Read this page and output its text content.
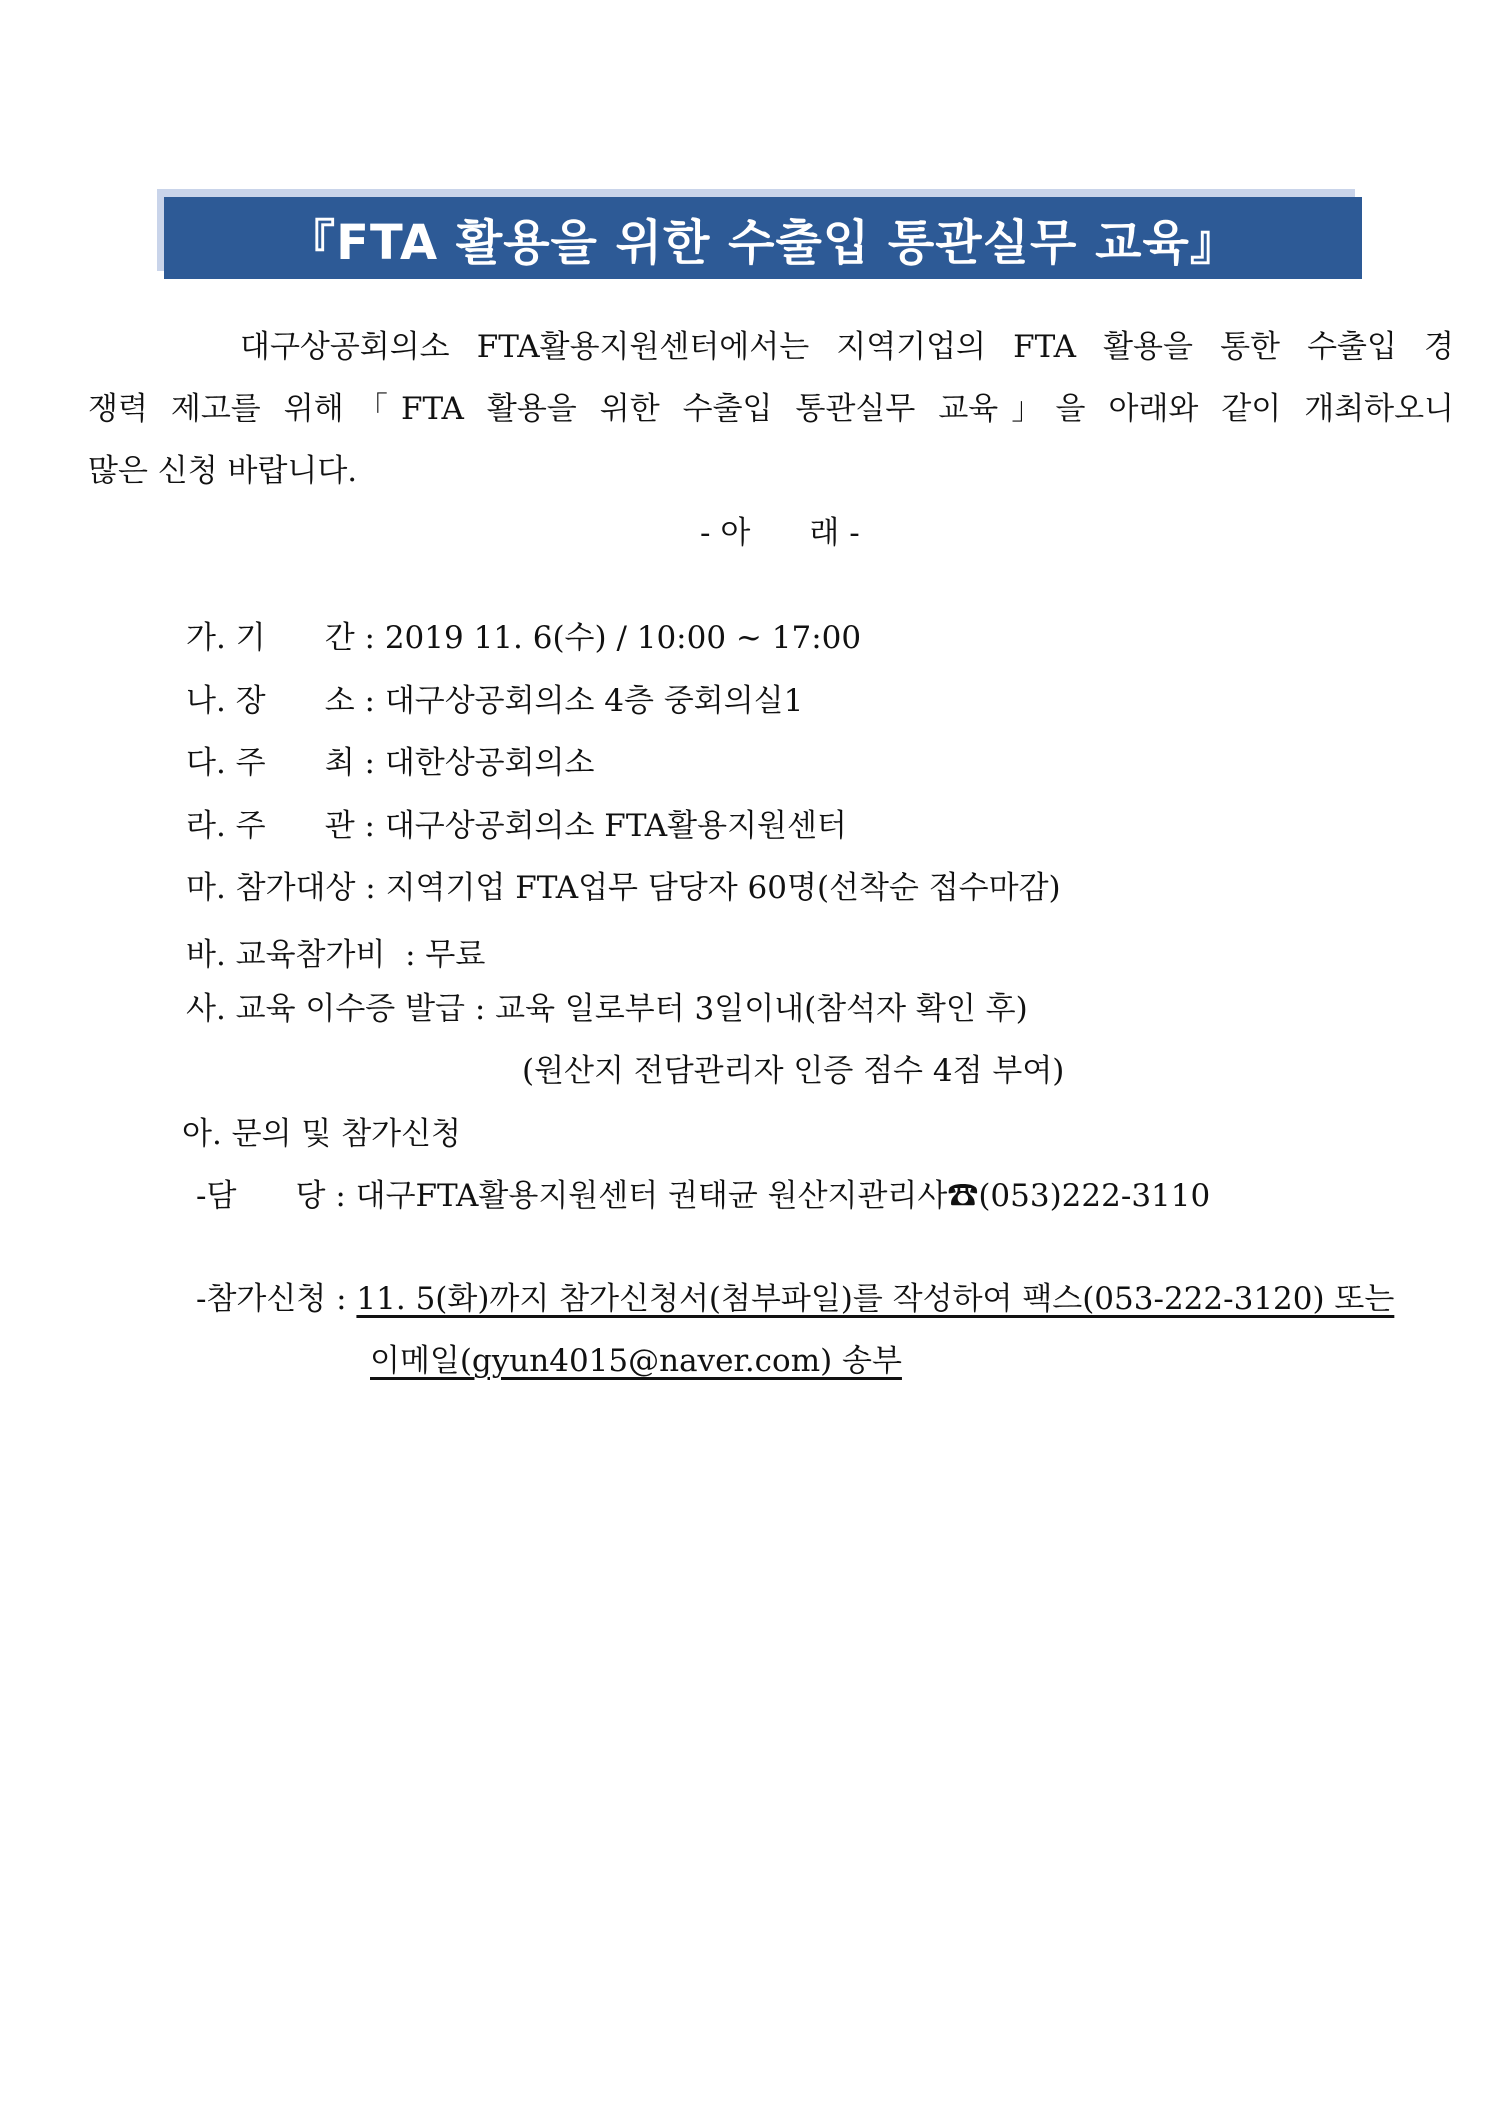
『FTA 활용을 위한 수출입 통관실무 교육』
대구상공회의소 FTA활용지원센터에서는 지역기업의 FTA 활용을 통한 수출입 경
쟁력 제고를 위해「FTA 활용을 위한 수출입 통관실무 교육」을 아래와 같이 개최하오니
많은 신청 바랍니다.
- 아      래 -
가. 기      간 : 2019 11. 6(수) / 10:00 ~ 17:00
나. 장      소 : 대구상공회의소 4층 중회의실1
다. 주      최 : 대한상공회의소
라. 주      관 : 대구상공회의소 FTA활용지원센터
마. 참가대상 : 지역기업 FTA업무 담당자 60명(선착순 접수마감)
바. 교육참가비  : 무료
사. 교육 이수증 발급 : 교육 일로부터 3일이내(참석자 확인 후)
(원산지 전담관리자 인증 점수 4점 부여)
아. 문의 및 참가신청
-담      당 : 대구FTA활용지원센터 권태균 원산지관리사☎(053)222-3110
-참가신청 : 11. 5(화)까지 참가신청서(첨부파일)를 작성하여 팩스(053-222-3120) 또는
이메일(gyun4015@naver.com) 송부
